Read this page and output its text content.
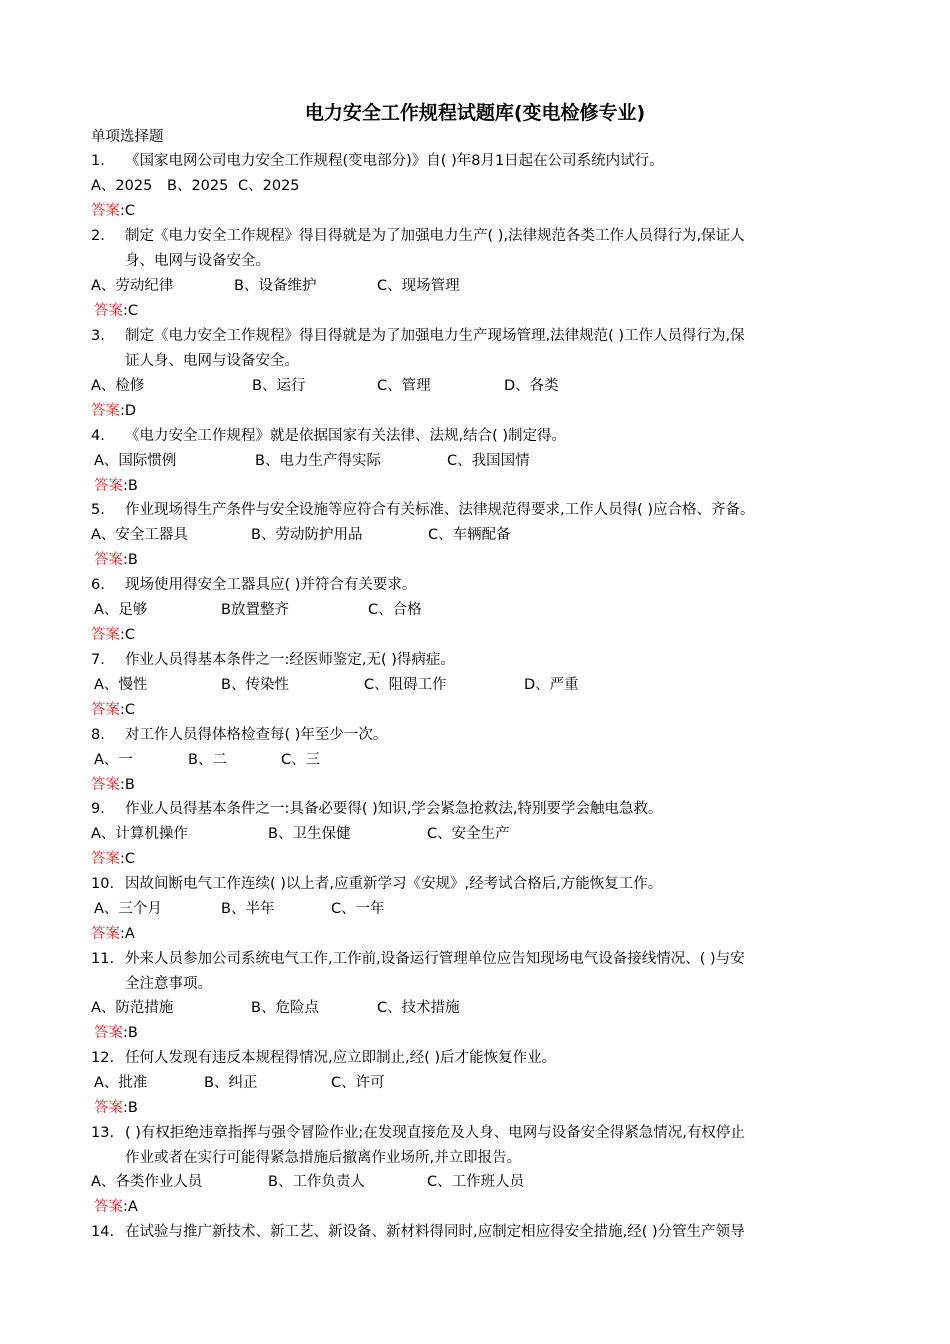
电力安全工作规程试题库(变电检修专业)
单项选择题
1. 《国家电网公司电力安全工作规程(变电部分)》自( )年8月1日起在公司系统内试行。
A、2025 B、2025 C、2025
答案:C
2. 制定《电力安全工作规程》得目得就是为了加强电力生产( ),法律规范各类工作人员得行为,保证人
身、电网与设备安全。
A、劳动纪律	B、设备维护	C、现场管理
答案:C
3. 制定《电力安全工作规程》得目得就是为了加强电力生产现场管理,法律规范( )工作人员得行为,保
证人身、电网与设备安全。
A、检修	B、运行	C、管理	D、各类
答案:D
4. 《电力安全工作规程》就是依据国家有关法律、法规,结合( )制定得。
A、国际惯例	B、电力生产得实际	C、我国国情
答案:B
5. 作业现场得生产条件与安全设施等应符合有关标准、法律规范得要求,工作人员得( )应合格、齐备。
A、安全工器具	B、劳动防护用品	C、车辆配备
答案:B
6. 现场使用得安全工器具应( )并符合有关要求。
A、足够	B放置整齐	C、合格
答案:C
7. 作业人员得基本条件之一:经医师鉴定,无( )得病症。
A、慢性	B、传染性	C、阻碍工作	D、严重
答案:C
8. 对工作人员得体格检查每( )年至少一次。
A、一	B、二	C、三
答案:B
9. 作业人员得基本条件之一:具备必要得( )知识,学会紧急抢救法,特别要学会触电急救。
A、计算机操作	B、卫生保健	C、安全生产
答案:C
10. 因故间断电气工作连续( )以上者,应重新学习《安规》,经考试合格后,方能恢复工作。
A、三个月	B、半年	C、一年
答案:A
11. 外来人员参加公司系统电气工作,工作前,设备运行管理单位应告知现场电气设备接线情况、( )与安
全注意事项。
A、防范措施	B、危险点	C、技术措施
答案:B
12. 任何人发现有违反本规程得情况,应立即制止,经( )后才能恢复作业。
A、批准	B、纠正	C、许可
答案:B
13. ( )有权拒绝违章指挥与强令冒险作业;在发现直接危及人身、电网与设备安全得紧急情况,有权停止
作业或者在实行可能得紧急措施后撤离作业场所,并立即报告。
A、各类作业人员	B、工作负责人	C、工作班人员
答案:A
14. 在试验与推广新技术、新工艺、新设备、新材料得同时,应制定相应得安全措施,经( )分管生产领导
